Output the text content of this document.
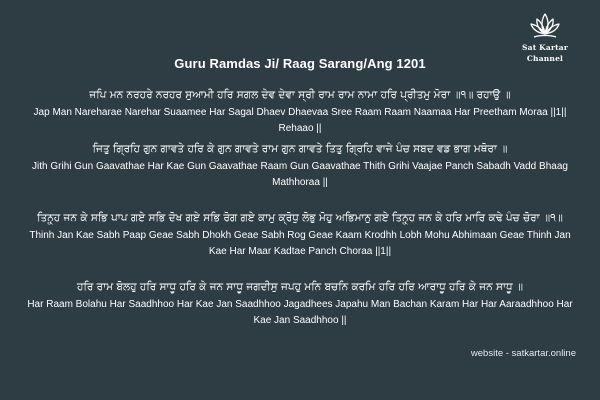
Sat Kartar
Channel
Guru Ramdas Ji/ Raag Sarang/Ang 1201
ਜਪਿ ਮਨ ਨਰਹਰੇ ਨਰਹਰ ਸੁਆਮੀ ਹਰਿ ਸਗਲ ਦੇਵ ਦੇਵਾ ਸ੍ਰੀ ਰਾਮ ਰਾਮ ਨਾਮਾ ਹਰਿ ਪ੍ਰੀਤਮੁ ਮੋਰਾ ॥੧॥ ਰਹਾਉ ॥
Jap Man Nareharae Narehar Suaamee Har Sagal Dhaev Dhaevaa Sree Raam Raam Naamaa Har Preetham Moraa ||1|| Rehaao ||
ਜਿਤੁ ਗ੍ਰਿਹਿ ਗੁਨ ਗਾਵਤੇ ਹਰਿ ਕੇ ਗੁਨ ਗਾਵਤੇ ਰਾਮ ਗੁਨ ਗਾਵਤੇ ਤਿਤੁ ਗ੍ਰਿਹਿ ਵਾਜੇ ਪੰਚ ਸਬਦ ਵਡ ਭਾਗ ਮਥੋਰਾ ॥
Jith Grihi Gun Gaavathae Har Kae Gun Gaavathae Raam Gun Gaavathae Thith Grihi Vaajae Panch Sabadh Vadd Bhaag Mathhoraa ||
ਤਿਨ੍ਹ੍ਹ ਜਨ ਕੇ ਸਭਿ ਪਾਪ ਗਏ ਸਭਿ ਦੋਖ ਗਏ ਸਭਿ ਰੋਗ ਗਏ ਕਾਮੁ ਕ੍ਰੋਧੁ ਲੋਭੁ ਮੋਹੁ ਅਭਿਮਾਨੁ ਗਏ ਤਿਨ੍ਹ੍ਹ ਜਨ ਕੇ ਹਰਿ ਮਾਰਿ ਕਢੇ ਪੰਚ ਚੋਰਾ ॥੧॥
Thinh Jan Kae Sabh Paap Geae Sabh Dhokh Geae Sabh Rog Geae Kaam Krodhh Lobh Mohu Abhimaan Geae Thinh Jan Kae Har Maar Kadtae Panch Choraa ||1||
ਹਰਿ ਰਾਮ ਬੋਲਹੁ ਹਰਿ ਸਾਧੂ ਹਰਿ ਕੇ ਜਨ ਸਾਧੂ ਜਗਦੀਸੁ ਜਪਹੁ ਮਨਿ ਬਚਨਿ ਕਰਮਿ ਹਰਿ ਹਰਿ ਆਰਾਧੂ ਹਰਿ ਕੇ ਜਨ ਸਾਧੂ ॥
Har Raam Bolahu Har Saadhhoo Har Kae Jan Saadhhoo Jagadhees Japahu Man Bachan Karam Har Har Aaraadhhoo Har Kae Jan Saadhhoo ||
website - satkartar.online
